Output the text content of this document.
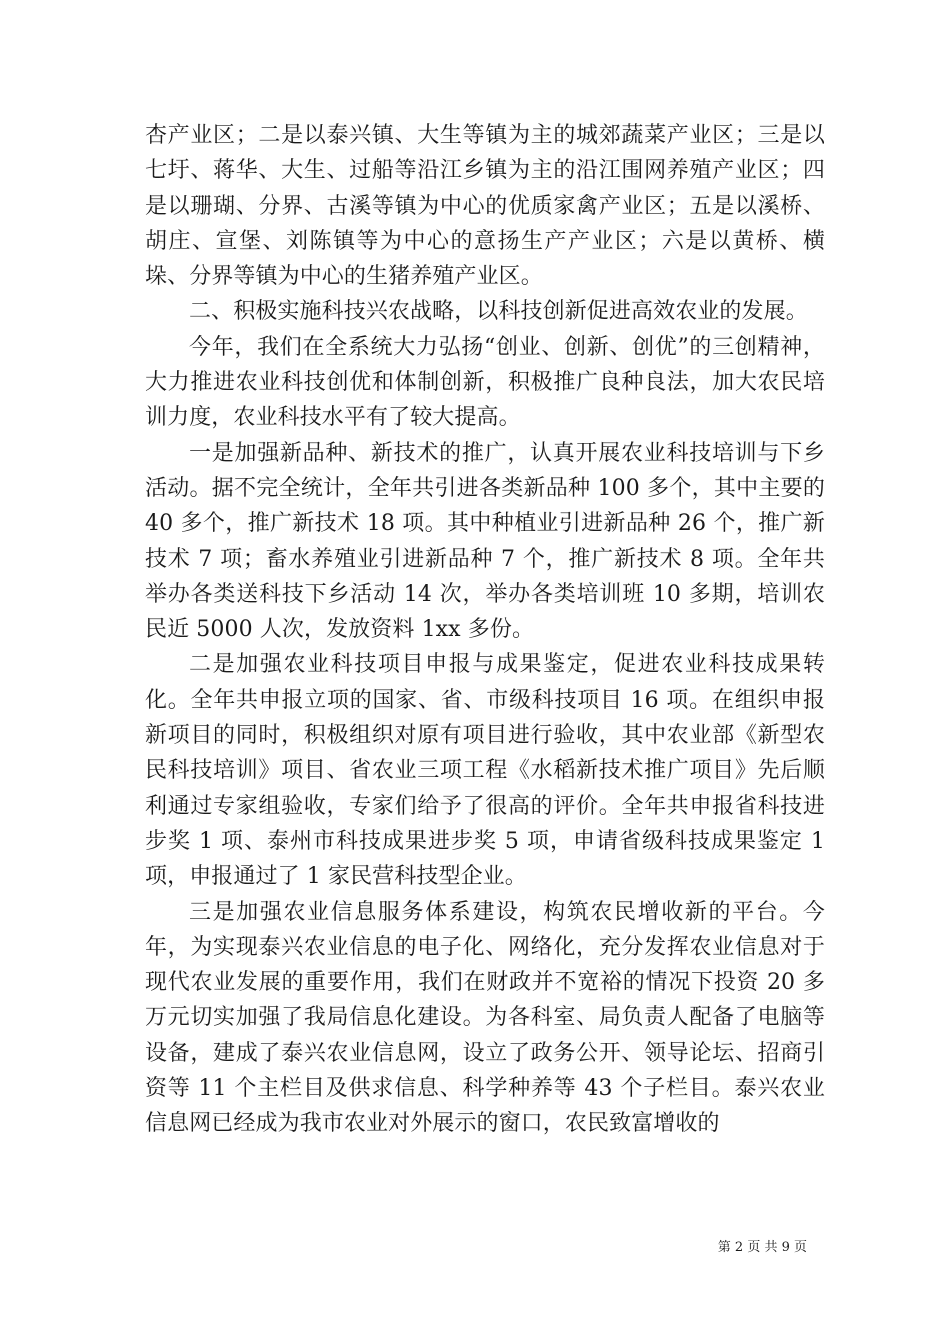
杏产业区；二是以泰兴镇、大生等镇为主的城郊蔬菜产业区；三是以七圩、蒋华、大生、过船等沿江乡镇为主的沿江围网养殖产业区；四是以珊瑚、分界、古溪等镇为中心的优质家禽产业区；五是以溪桥、胡庄、宣堡、刘陈镇等为中心的意扬生产产业区；六是以黄桥、横垛、分界等镇为中心的生猪养殖产业区。

二、积极实施科技兴农战略，以科技创新促进高效农业的发展。

今年，我们在全系统大力弘扬“创业、创新、创优”的三创精神，大力推进农业科技创优和体制创新，积极推广良种良法，加大农民培训力度，农业科技水平有了较大提高。

一是加强新品种、新技术的推广，认真开展农业科技培训与下乡活动。据不完全统计，全年共引进各类新品种 100 多个，其中主要的 40 多个，推广新技术 18 项。其中种植业引进新品种 26 个，推广新技术 7 项；畜水养殖业引进新品种 7 个，推广新技术 8 项。全年共举办各类送科技下乡活动 14 次，举办各类培训班 10 多期，培训农民近 5000 人次，发放资料 1xx 多份。

二是加强农业科技项目申报与成果鉴定，促进农业科技成果转化。全年共申报立项的国家、省、市级科技项目 16 项。在组织申报新项目的同时，积极组织对原有项目进行验收，其中农业部《新型农民科技培训》项目、省农业三项工程《水稻新技术推广项目》先后顺利通过专家组验收，专家们给予了很高的评价。全年共申报省科技进步奖 1 项、泰州市科技成果进步奖 5 项，申请省级科技成果鉴定 1 项，申报通过了 1 家民营科技型企业。

三是加强农业信息服务体系建设，构筑农民增收新的平台。今年，为实现泰兴农业信息的电子化、网络化，充分发挥农业信息对于现代农业发展的重要作用，我们在财政并不宽裕的情况下投资 20 多万元切实加强了我局信息化建设。为各科室、局负责人配备了电脑等设备，建成了泰兴农业信息网，设立了政务公开、领导论坛、招商引资等 11 个主栏目及供求信息、科学种养等 43 个子栏目。泰兴农业信息网已经成为我市农业对外展示的窗口，农民致富增收的

第 2 页 共 9 页
